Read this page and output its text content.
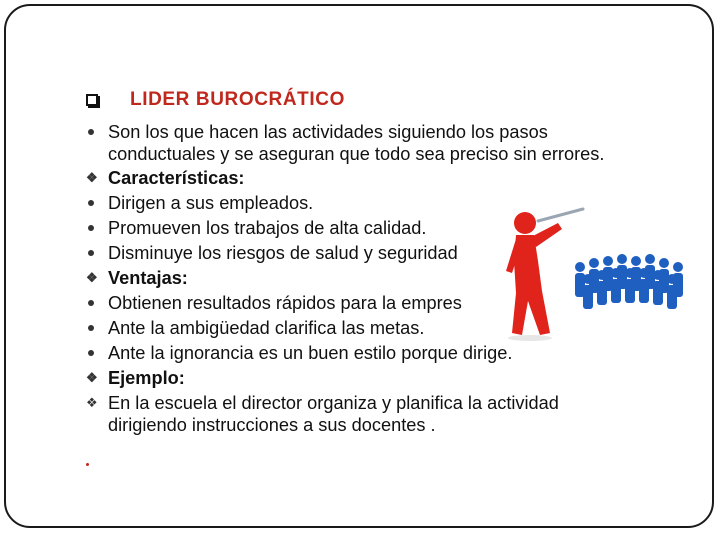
LIDER BUROCRÁTICO
Son los que hacen las actividades siguiendo los pasos
conductuales y se aseguran que todo sea preciso sin errores.
❖ Características:
Dirigen a sus empleados.
Promueven los trabajos de alta calidad.
Disminuye los riesgos de salud y seguridad
❖ Ventajas:
Obtienen resultados rápidos para la empres
Ante la ambigüedad clarifica las metas.
Ante la ignorancia es un buen estilo porque dirige.
❖ Ejemplo:
❖ En la escuela el director organiza y planifica la actividad
dirigiendo instrucciones a sus docentes .
